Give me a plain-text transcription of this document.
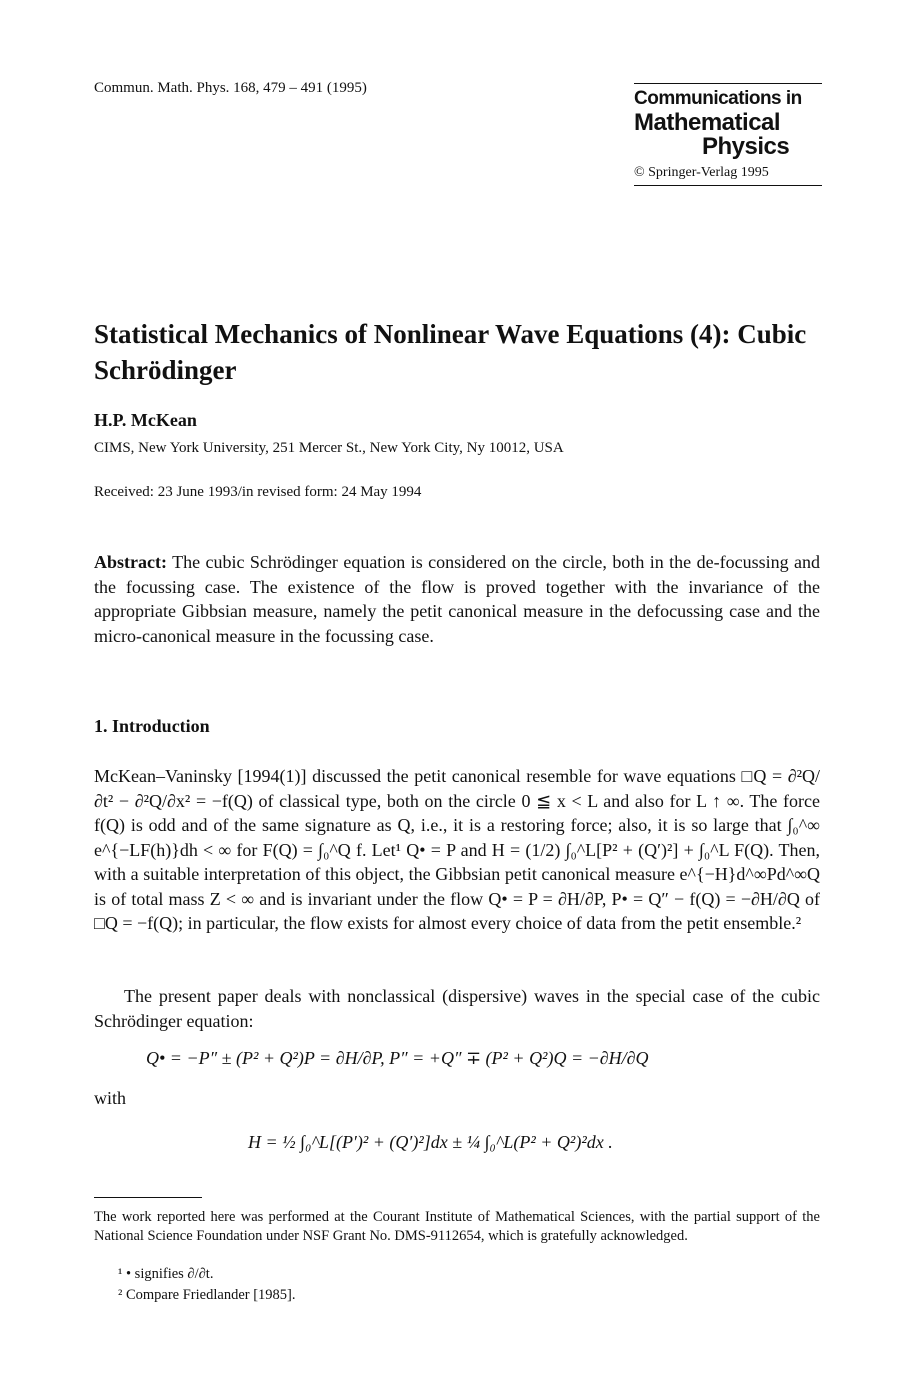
Commun. Math. Phys. 168, 479 – 491 (1995)	Communications in
Mathematical
Physics
© Springer-Verlag 1995
Statistical Mechanics of Nonlinear Wave Equations (4): Cubic Schrödinger
H.P. McKean
CIMS, New York University, 251 Mercer St., New York City, Ny 10012, USA
Received: 23 June 1993/in revised form: 24 May 1994
Abstract: The cubic Schrödinger equation is considered on the circle, both in the de-focussing and the focussing case. The existence of the flow is proved together with the invariance of the appropriate Gibbsian measure, namely the petit canonical measure in the defocussing case and the micro-canonical measure in the focussing case.
1. Introduction
McKean–Vaninsky [1994(1)] discussed the petit canonical resemble for wave equations □Q = ∂²Q/∂t² − ∂²Q/∂x² = −f(Q) of classical type, both on the circle 0 ≦ x < L and also for L ↑ ∞. The force f(Q) is odd and of the same signature as Q, i.e., it is a restoring force; also, it is so large that ∫₀^∞ e^{−LF(h)}dh < ∞ for F(Q) = ∫₀^Q f. Let¹ Q• = P and H = (1/2) ∫₀^L[P² + (Q′)²] + ∫₀^L F(Q). Then, with a suitable interpretation of this object, the Gibbsian petit canonical measure e^{−H}d^∞Pd^∞Q is of total mass Z < ∞ and is invariant under the flow Q• = P = ∂H/∂P, P• = Q″ − f(Q) = −∂H/∂Q of □Q = −f(Q); in particular, the flow exists for almost every choice of data from the petit ensemble.²
The present paper deals with nonclassical (dispersive) waves in the special case of the cubic Schrödinger equation:
Q• = −P″ ± (P² + Q²)P = ∂H/∂P, P″ = +Q″ ∓ (P² + Q²)Q = −∂H/∂Q
with
H = ½ ∫₀^L[(P′)² + (Q′)²]dx ± ¼ ∫₀^L(P² + Q²)²dx .
The work reported here was performed at the Courant Institute of Mathematical Sciences, with the partial support of the National Science Foundation under NSF Grant No. DMS-9112654, which is gratefully acknowledged.
¹ • signifies ∂/∂t.
² Compare Friedlander [1985].
